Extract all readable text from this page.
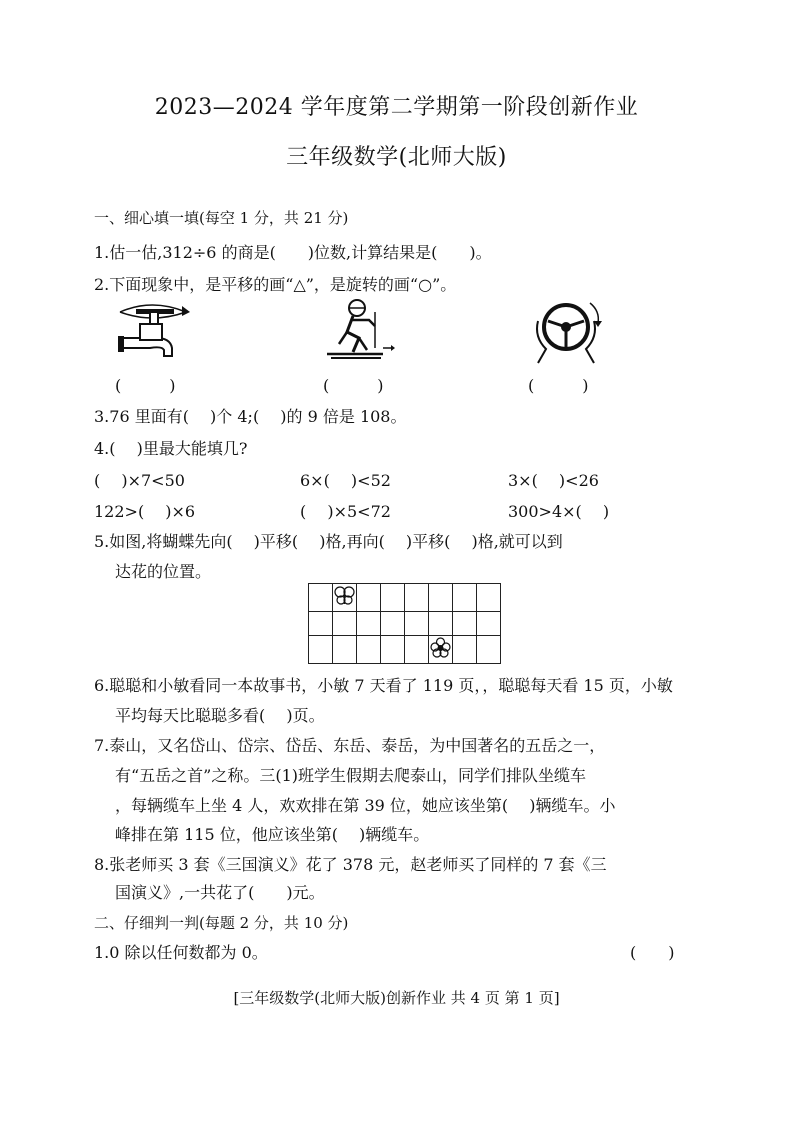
2023—2024 学年度第二学期第一阶段创新作业
三年级数学(北师大版)
一、细心填一填(每空 1 分，共 21 分)
1.估一估,312÷6 的商是(　　)位数,计算结果是(　　)。
2.下面现象中，是平移的画“△”，是旋转的画“○”。
(　　　)	(　　　)	(　　　)
3.76 里面有(　 )个 4;(　 )的 9 倍是 108。
4.(　 )里最大能填几?
(　 )×7<50	6×(　 )<52	3×(　 )<26
122>(　 )×6	(　 )×5<72	300>4×(　 )
5.如图,将蝴蝶先向(　 )平移(　 )格,再向(　 )平移(　 )格,就可以到
达花的位置。

6.聪聪和小敏看同一本故事书，小敏 7 天看了 119 页，，聪聪每天看 15 页，小敏
平均每天比聪聪多看(　 )页。
7.泰山，又名岱山、岱宗、岱岳、东岳、泰岳，为中国著名的五岳之一，
有“五岳之首”之称。三(1)班学生假期去爬泰山，同学们排队坐缆车
，每辆缆车上坐 4 人，欢欢排在第 39 位，她应该坐第(　 )辆缆车。小
峰排在第 115 位，他应该坐第(　 )辆缆车。
8.张老师买 3 套《三国演义》花了 378 元，赵老师买了同样的 7 套《三
国演义》,一共花了(　　)元。
二、仔细判一判(每题 2 分，共 10 分)
1.0 除以任何数都为 0。	(　　)
[三年级数学(北师大版)创新作业 共 4 页 第 1 页]
